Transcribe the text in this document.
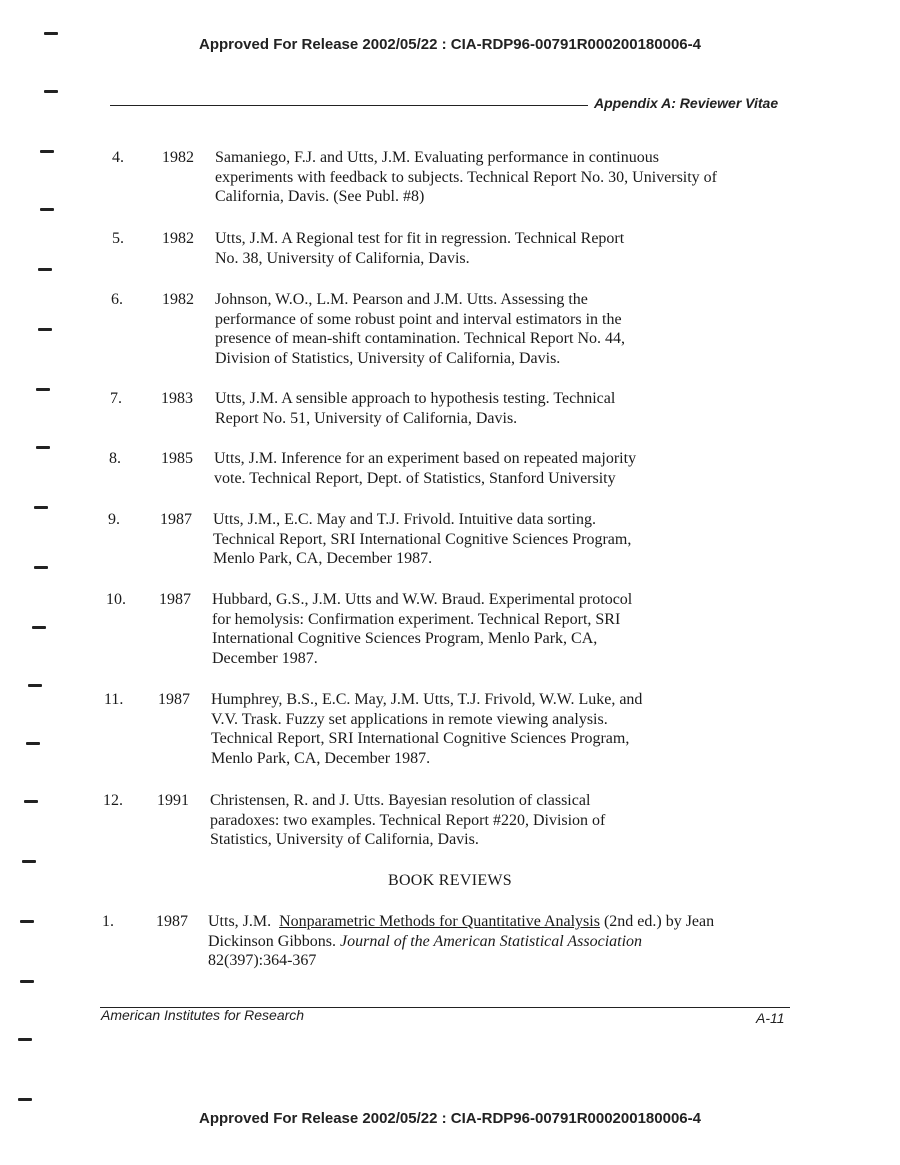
Approved For Release 2002/05/22 : CIA-RDP96-00791R000200180006-4
Appendix A: Reviewer Vitae
4. 1982 Samaniego, F.J. and Utts, J.M. Evaluating performance in continuous
experiments with feedback to subjects. Technical Report No. 30, University of
California, Davis. (See Publ. #8)
5. 1982 Utts, J.M. A Regional test for fit in regression. Technical Report
No. 38, University of California, Davis.
6. 1982 Johnson, W.O., L.M. Pearson and J.M. Utts. Assessing the
performance of some robust point and interval estimators in the
presence of mean-shift contamination. Technical Report No. 44,
Division of Statistics, University of California, Davis.
7. 1983 Utts, J.M. A sensible approach to hypothesis testing. Technical
Report No. 51, University of California, Davis.
8.	1985 Utts, J.M. Inference for an experiment based on repeated majority
vote. Technical Report, Dept. of Statistics, Stanford University
9.	1987 Utts, J.M., E.C. May and T.J. Frivold. Intuitive data sorting.
Technical Report, SRI International Cognitive Sciences Program,
Menlo Park, CA, December 1987.
10. 1987 Hubbard, G.S., J.M. Utts and W.W. Braud. Experimental protocol
for hemolysis: Confirmation experiment. Technical Report, SRI
International Cognitive Sciences Program, Menlo Park, CA,
December 1987.
11. 1987 Humphrey, B.S., E.C. May, J.M. Utts, T.J. Frivold, W.W. Luke, and
V.V. Trask. Fuzzy set applications in remote viewing analysis.
Technical Report, SRI International Cognitive Sciences Program,
Menlo Park, CA, December 1987.
12. 1991 Christensen, R. and J. Utts. Bayesian resolution of classical
paradoxes: two examples. Technical Report #220, Division of
Statistics, University of California, Davis.
BOOK REVIEWS
1.	1987 Utts, J.M. Nonparametric Methods for Quantitative Analysis (2nd ed.) by Jean
Dickinson Gibbons. Journal of the American Statistical Association
82(397):364-367
American Institutes for Research	A-11
Approved For Release 2002/05/22 : CIA-RDP96-00791R000200180006-4
